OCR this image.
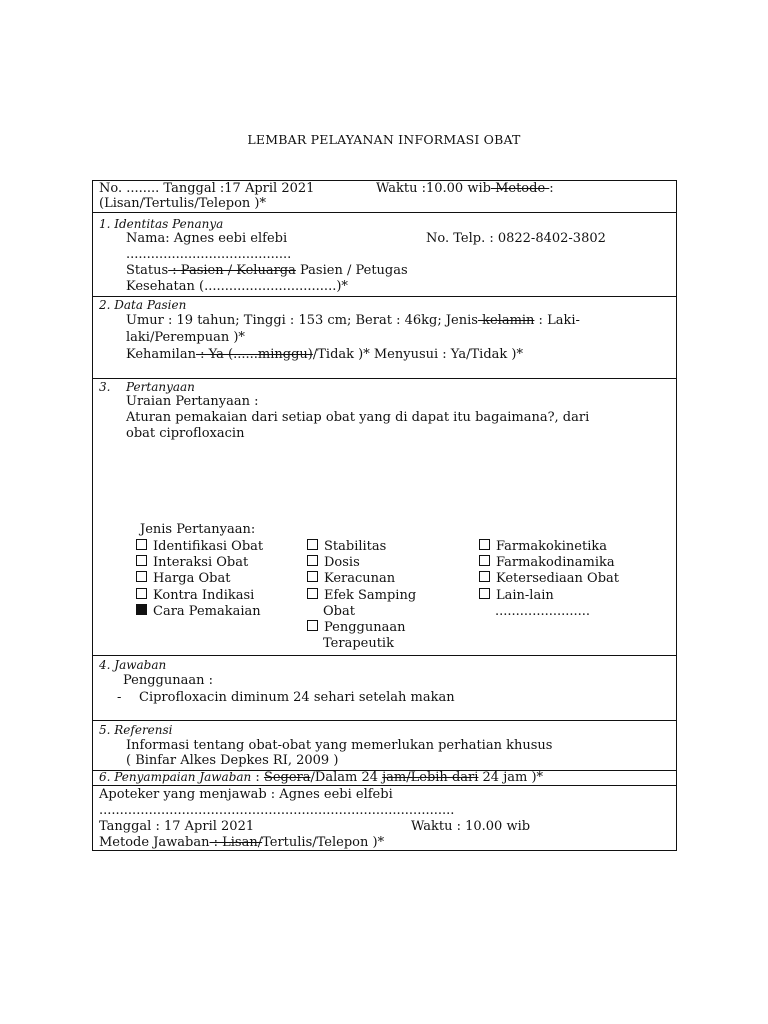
LEMBAR PELAYANAN INFORMASI OBAT
No. ........ Tanggal :17 April 2021	Waktu :10.00 wib Metode :
(Lisan/Tertulis/Telepon )*
1. Identitas Penanya
Nama: Agnes eebi elfebi	No. Telp. : 0822-8402-3802
........................................
Status : Pasien / Keluarga Pasien / Petugas
Kesehatan (................................)*
2. Data Pasien
Umur : 19 tahun; Tinggi : 153 cm; Berat : 46kg; Jenis kelamin : Laki-
laki/Perempuan )*
Kehamilan : Ya (......minggu)/Tidak )* Menyusui : Ya/Tidak )*
3. Pertanyaan
Uraian Pertanyaan :
Aturan pemakaian dari setiap obat yang di dapat itu bagaimana?, dari
obat ciprofloxacin
Jenis Pertanyaan:
Identifikasi Obat
Interaksi Obat
Harga Obat
Kontra Indikasi
Cara Pemakaian
Stabilitas
Dosis
Keracunan
Efek Samping
Obat
Penggunaan
Terapeutik
Farmakokinetika
Farmakodinamika
Ketersediaan Obat
Lain-lain
.......................
4. Jawaban
Penggunaan :
- Ciprofloxacin diminum 24 sehari setelah makan
5. Referensi
Informasi tentang obat-obat yang memerlukan perhatian khusus
( Binfar Alkes Depkes RI, 2009 )
6. Penyampaian Jawaban : Segera/Dalam 24 jam/Lebih dari 24 jam )*
Apoteker yang menjawab : Agnes eebi elfebi
......................................................................................
Tanggal : 17 April 2021	Waktu : 10.00 wib
Metode Jawaban : Lisan/Tertulis/Telepon )*
